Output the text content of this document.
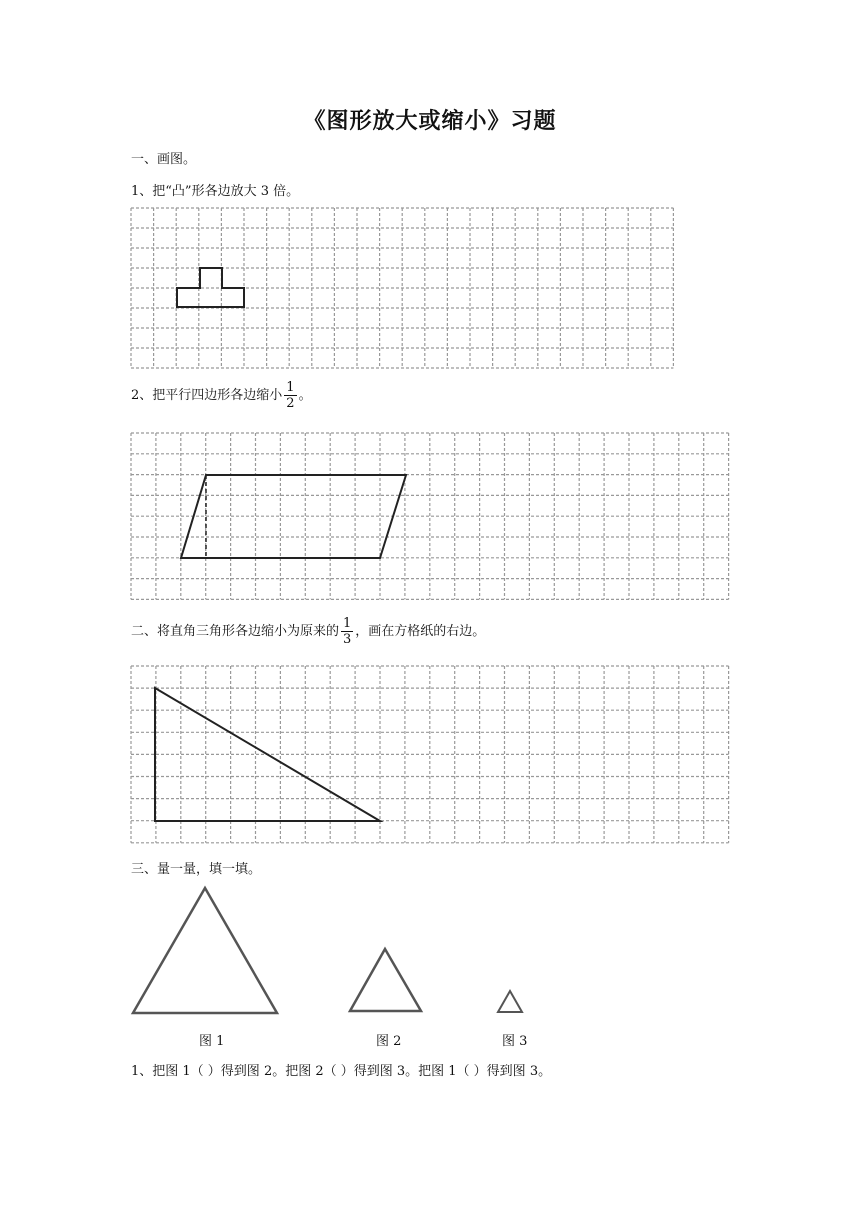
《图形放大或缩小》习题
一、画图。
1、把“凸”形各边放大 3 倍。
2、把平行四边形各边缩小 $\frac{1}{2}$ 。
二、将直角三角形各边缩小为原来的 $\frac{1}{3}$ ，画在方格纸的右边。
三、量一量，填一填。
图 1	图 2	图 3
1、把图 1（ ）得到图 2。把图 2（ ）得到图 3。把图 1（ ）得到图 3。
